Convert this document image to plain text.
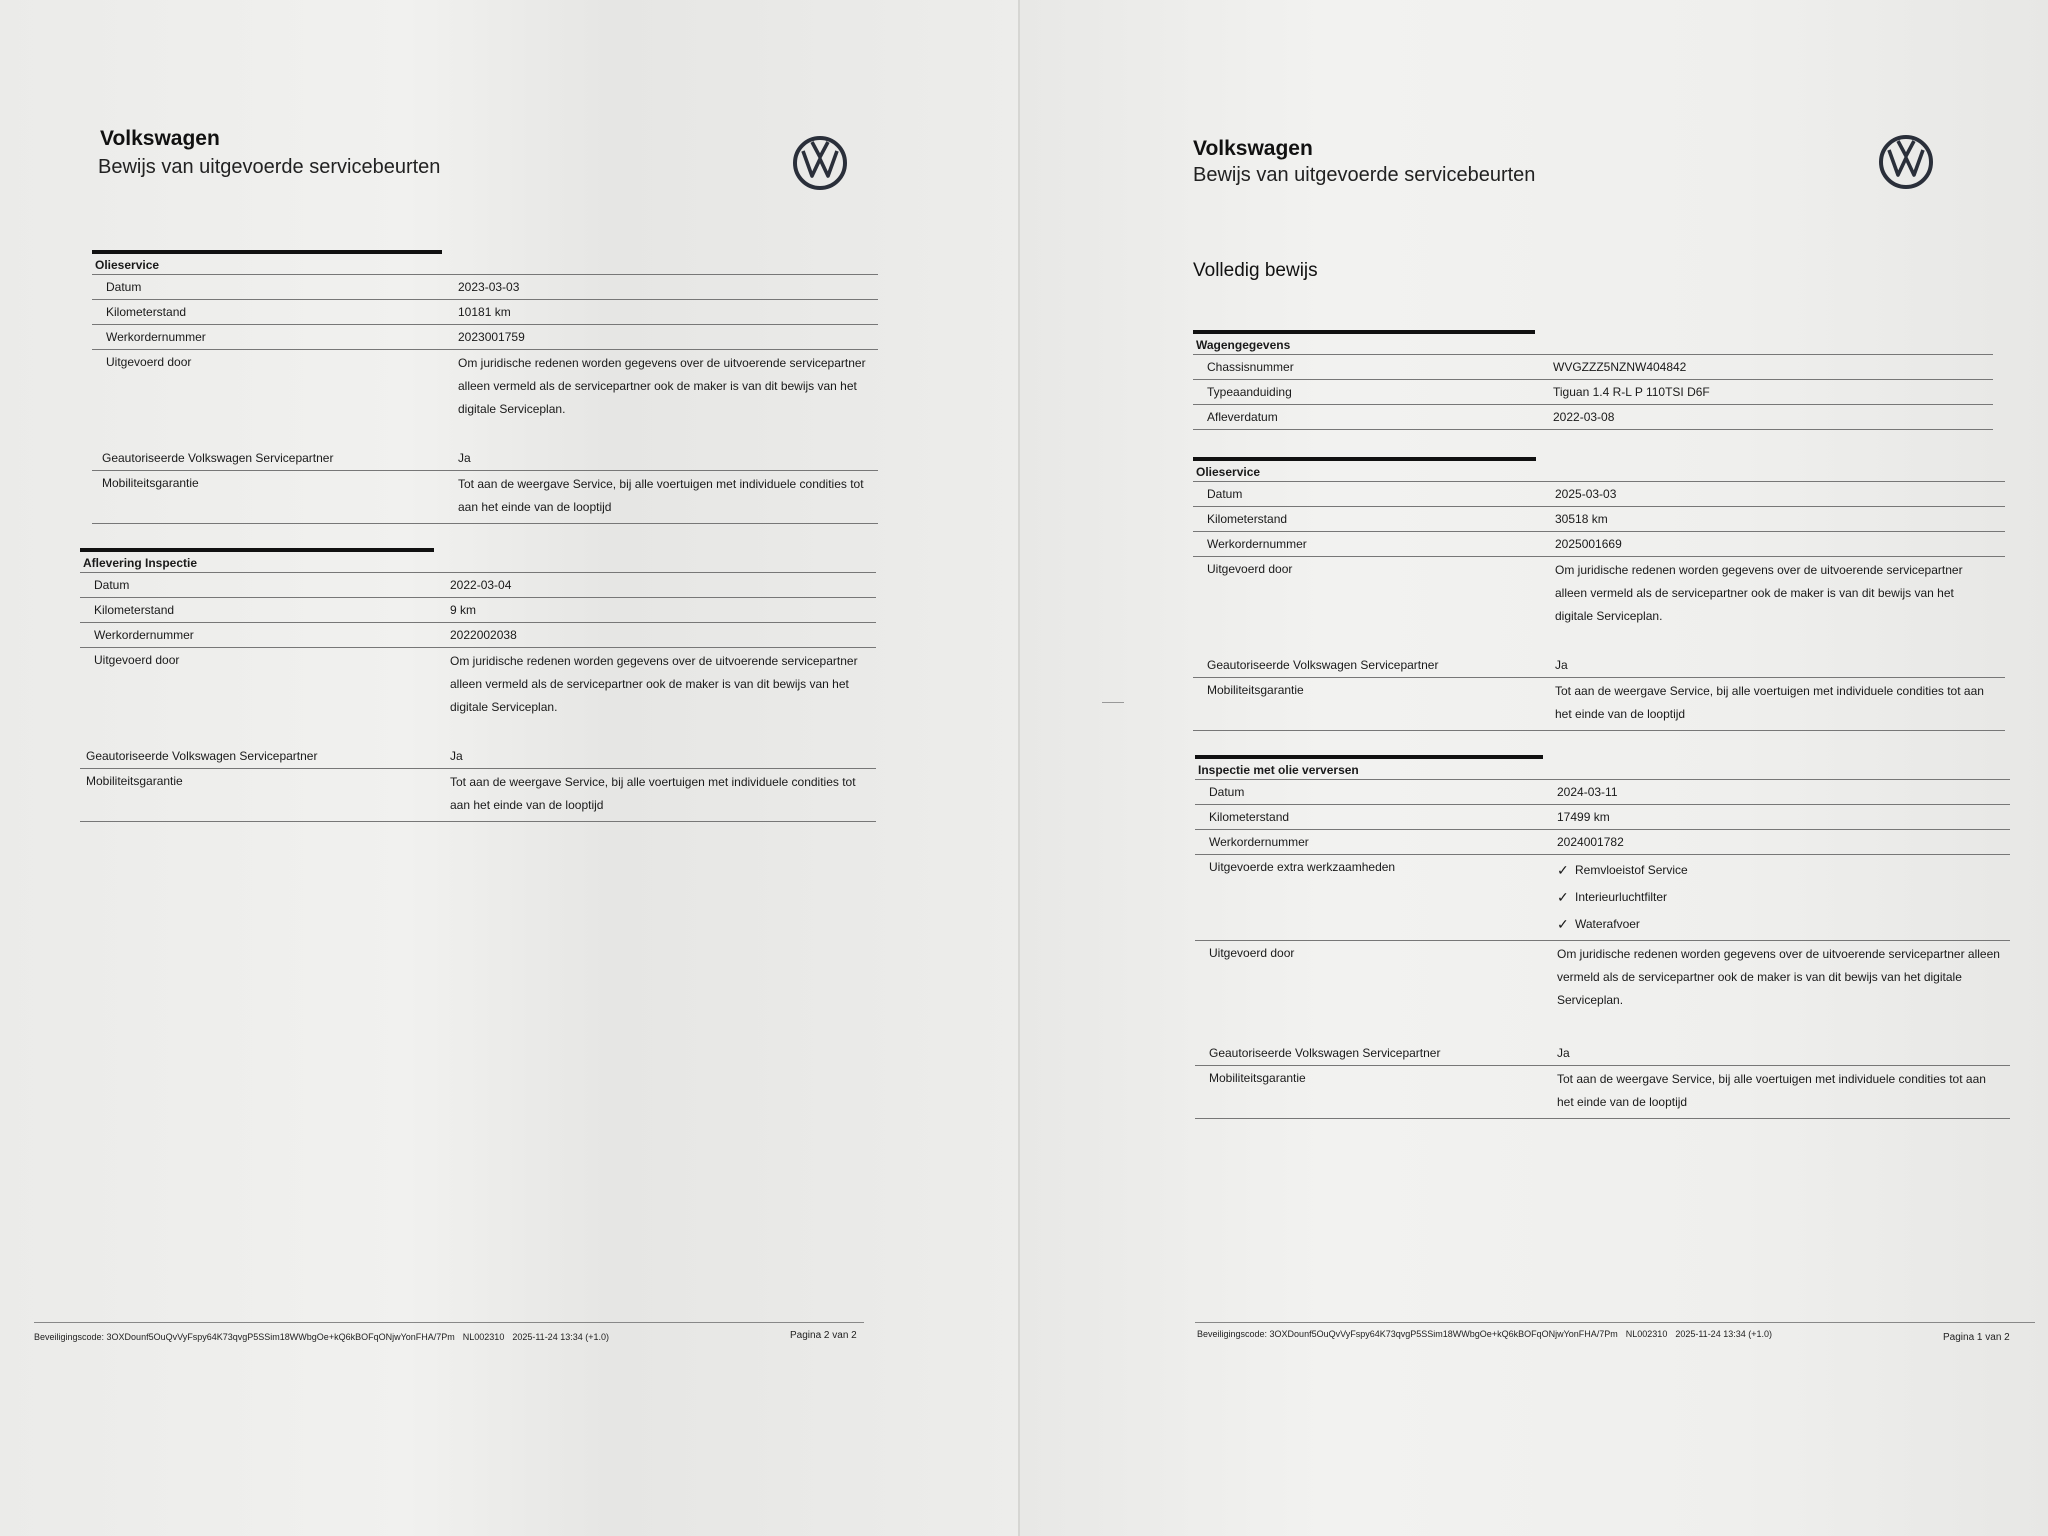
Volkswagen
Bewijs van uitgevoerde servicebeurten
Olieservice
Datum	2023-03-03
Kilometerstand	10181 km
Werkordernummer	2023001759
Uitgevoerd door	Om juridische redenen worden gegevens over de uitvoerende servicepartner alleen vermeld als de servicepartner ook de maker is van dit bewijs van het digitale Serviceplan.
Geautoriseerde Volkswagen Servicepartner	Ja
Mobiliteitsgarantie	Tot aan de weergave Service, bij alle voertuigen met individuele condities tot aan het einde van de looptijd
Aflevering Inspectie
Datum	2022-03-04
Kilometerstand	9 km
Werkordernummer	2022002038
Uitgevoerd door	Om juridische redenen worden gegevens over de uitvoerende servicepartner alleen vermeld als de servicepartner ook de maker is van dit bewijs van het digitale Serviceplan.
Geautoriseerde Volkswagen Servicepartner	Ja
Mobiliteitsgarantie	Tot aan de weergave Service, bij alle voertuigen met individuele condities tot aan het einde van de looptijd
Beveiligingscode: 3OXDounf5OuQvVyFspy64K73qvgP5SSim18WWbgOe+kQ6kBOFqONjwYonFHA/7Pm NL002310 2025-11-24 13:34 (+1.0)	Pagina 2 van 2
Volkswagen
Bewijs van uitgevoerde servicebeurten
Volledig bewijs
Wagengegevens
Chassisnummer	WVGZZZ5NZNW404842
Typeaanduiding	Tiguan 1.4 R-L P 110TSI D6F
Afleverdatum	2022-03-08
Olieservice
Datum	2025-03-03
Kilometerstand	30518 km
Werkordernummer	2025001669
Uitgevoerd door	Om juridische redenen worden gegevens over de uitvoerende servicepartner alleen vermeld als de servicepartner ook de maker is van dit bewijs van het digitale Serviceplan.
Geautoriseerde Volkswagen Servicepartner	Ja
Mobiliteitsgarantie	Tot aan de weergave Service, bij alle voertuigen met individuele condities tot aan het einde van de looptijd
Inspectie met olie verversen
Datum	2024-03-11
Kilometerstand	17499 km
Werkordernummer	2024001782
Uitgevoerde extra werkzaamheden	✓ Remvloeistof Service
✓ Interieurluchtfilter
✓ Waterafvoer
Uitgevoerd door	Om juridische redenen worden gegevens over de uitvoerende servicepartner alleen vermeld als de servicepartner ook de maker is van dit bewijs van het digitale Serviceplan.
Geautoriseerde Volkswagen Servicepartner	Ja
Mobiliteitsgarantie	Tot aan de weergave Service, bij alle voertuigen met individuele condities tot aan het einde van de looptijd
Beveiligingscode: 3OXDounf5OuQvVyFspy64K73qvgP5SSim18WWbgOe+kQ6kBOFqONjwYonFHA/7Pm NL002310 2025-11-24 13:34 (+1.0)	Pagina 1 van 2
